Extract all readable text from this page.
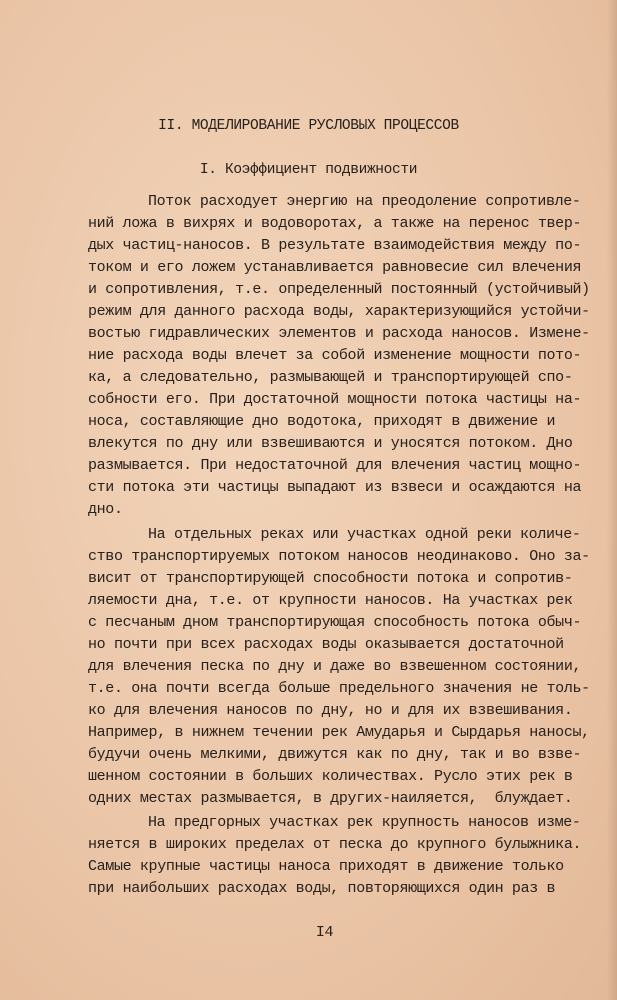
II. МОДЕЛИРОВАНИЕ РУСЛОВЫХ ПРОЦЕССОВ

I. Коэффициент подвижности

Поток расходует энергию на преодоление сопротивле-

ний ложа в вихрях и водоворотах, а также на перенос твер-

дых частиц-наносов. В результате взаимодействия между по-

током и его ложем устанавливается равновесие сил влечения

и сопротивления, т.е. определенный постоянный (устойчивый)

режим для данного расхода воды, характеризующийся устойчи-

востью гидравлических элементов и расхода наносов. Измене-

ние расхода воды влечет за собой изменение мощности пото-

ка, а следовательно, размывающей и транспортирующей спо-

собности его. При достаточной мощности потока частицы на-

носа, составляющие дно водотока, приходят в движение и

влекутся по дну или взвешиваются и уносятся потоком. Дно

размывается. При недостаточной для влечения частиц мощно-

сти потока эти частицы выпадают из взвеси и осаждаются на

дно.

На отдельных реках или участках одной реки количе-

ство транспортируемых потоком наносов неодинаково. Оно за-

висит от транспортирующей способности потока и сопротив-

ляемости дна, т.е. от крупности наносов. На участках рек

с песчаным дном транспортирующая способность потока обыч-

но почти при всех расходах воды оказывается достаточной

для влечения песка по дну и даже во взвешенном состоянии,

т.е. она почти всегда больше предельного значения не толь-

ко для влечения наносов по дну, но и для их взвешивания.

Например, в нижнем течении рек Амударья и Сырдарья наносы,

будучи очень мелкими, движутся как по дну, так и во взве-

шенном состоянии в больших количествах. Русло этих рек в

одних местах размывается, в других-наиляется,  блуждает.

На предгорных участках рек крупность наносов изме-

няется в широких пределах от песка до крупного булыжника.

Самые крупные частицы наноса приходят в движение только

при наибольших расходах воды, повторяющихся один раз в

I4
